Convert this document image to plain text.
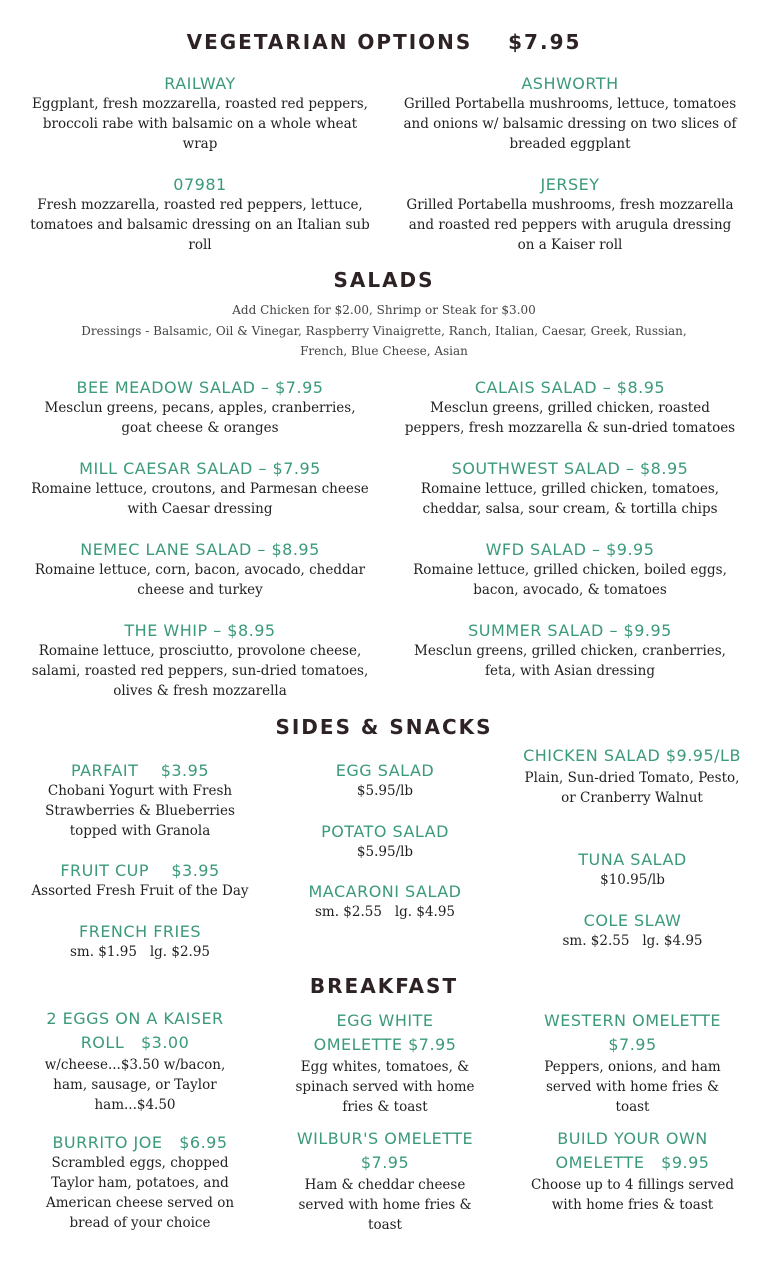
VEGETARIAN OPTIONS    $7.95
RAILWAY
Eggplant, fresh mozzarella, roasted red peppers, broccoli rabe with balsamic on a whole wheat wrap
ASHWORTH
Grilled Portabella mushrooms, lettuce, tomatoes and onions w/ balsamic dressing on two slices of breaded eggplant
07981
Fresh mozzarella, roasted red peppers, lettuce, tomatoes and balsamic dressing on an Italian sub roll
JERSEY
Grilled Portabella mushrooms, fresh mozzarella and roasted red peppers with arugula dressing on a Kaiser roll
SALADS
Add Chicken for $2.00, Shrimp or Steak for $3.00
Dressings - Balsamic, Oil & Vinegar, Raspberry Vinaigrette, Ranch, Italian, Caesar, Greek, Russian, French, Blue Cheese, Asian
BEE MEADOW SALAD – $7.95
Mesclun greens, pecans, apples, cranberries, goat cheese & oranges
CALAIS SALAD – $8.95
Mesclun greens, grilled chicken, roasted peppers, fresh mozzarella & sun-dried tomatoes
MILL CAESAR SALAD – $7.95
Romaine lettuce, croutons, and Parmesan cheese with Caesar dressing
SOUTHWEST SALAD – $8.95
Romaine lettuce, grilled chicken, tomatoes, cheddar, salsa, sour cream, & tortilla chips
NEMEC LANE SALAD – $8.95
Romaine lettuce, corn, bacon, avocado, cheddar cheese and turkey
WFD SALAD – $9.95
Romaine lettuce, grilled chicken, boiled eggs, bacon, avocado, & tomatoes
THE WHIP – $8.95
Romaine lettuce, prosciutto, provolone cheese, salami, roasted red peppers, sun-dried tomatoes, olives & fresh mozzarella
SUMMER SALAD – $9.95
Mesclun greens, grilled chicken, cranberries, feta, with Asian dressing
SIDES & SNACKS
PARFAIT    $3.95
Chobani Yogurt with Fresh Strawberries & Blueberries topped with Granola
FRUIT CUP    $3.95
Assorted Fresh Fruit of the Day
FRENCH FRIES
sm. $1.95   lg. $2.95
EGG SALAD
$5.95/lb
POTATO SALAD
$5.95/lb
MACARONI SALAD
sm. $2.55   lg. $4.95
CHICKEN SALAD $9.95/LB
Plain, Sun-dried Tomato, Pesto, or Cranberry Walnut
TUNA SALAD
$10.95/lb
COLE SLAW
sm. $2.55   lg. $4.95
BREAKFAST
2 EGGS ON A KAISER ROLL   $3.00
w/cheese...$3.50 w/bacon, ham, sausage, or Taylor ham...$4.50
BURRITO JOE   $6.95
Scrambled eggs, chopped Taylor ham, potatoes, and American cheese served on bread of your choice
EGG WHITE OMELETTE $7.95
Egg whites, tomatoes, & spinach served with home fries & toast
WILBUR'S OMELETTE $7.95
Ham & cheddar cheese served with home fries & toast
WESTERN OMELETTE $7.95
Peppers, onions, and ham served with home fries & toast
BUILD YOUR OWN OMELETTE   $9.95
Choose up to 4 fillings served with home fries & toast
